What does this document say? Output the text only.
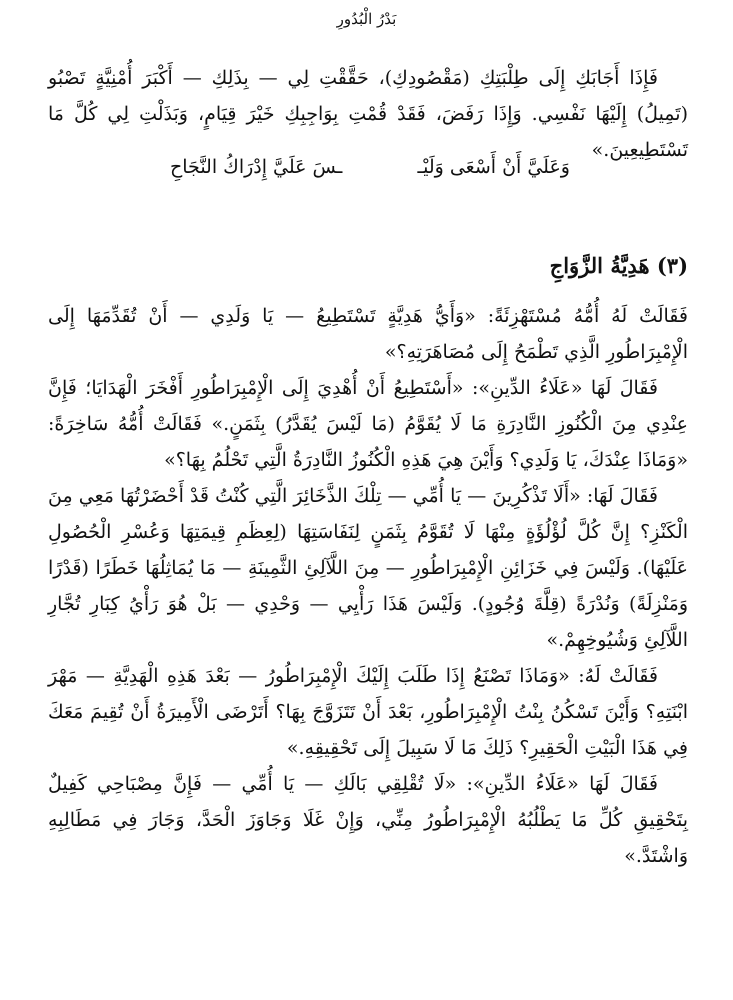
بَدْرُ الْبُدُورِ

فَإِذَا أَجَابَكِ إِلَى طِلْبَتِكِ (مَقْصُودِكِ)، حَقَّقْتِ لِي — بِذَلِكِ — أَكْبَرَ أُمْنِيَّةٍ تَصْبُو (تَمِيلُ) إِلَيْهَا نَفْسِي. وَإِذَا رَفَضَ، فَقَدْ قُمْتِ بِوَاجِبِكِ خَيْرَ قِيَامٍ، وَبَذَلْتِ لِي كُلَّ مَا تَسْتَطِيعِينَ.»

وَعَلَيَّ أَنْ أَسْعَى وَلَيْـ
ـسَ عَلَيَّ إِدْرَاكُ النَّجَاحِ
(٣) هَدِيَّةُ الزَّوَاجِ

فَقَالَتْ لَهُ أُمُّهُ مُسْتَهْزِئَةً: «وَأَيُّ هَدِيَّةٍ تَسْتَطِيعُ — يَا وَلَدِي — أَنْ تُقَدِّمَهَا إِلَى الْإِمْبِرَاطُورِ الَّذِي تَطْمَحُ إِلَى مُصَاهَرَتِهِ؟»

فَقَالَ لَهَا «عَلَاءُ الدِّينِ»: «أَسْتَطِيعُ أَنْ أُهْدِيَ إِلَى الْإِمْبِرَاطُورِ أَفْخَرَ الْهَدَايَا؛ فَإِنَّ عِنْدِي مِنَ الْكُنُوزِ النَّادِرَةِ مَا لَا يُقَوَّمُ (مَا لَيْسَ يُقَدَّرُ) بِثَمَنٍ.» فَقَالَتْ أُمُّهُ سَاخِرَةً: «وَمَاذَا عِنْدَكَ، يَا وَلَدِي؟ وَأَيْنَ هِيَ هَذِهِ الْكُنُوزُ النَّادِرَةُ الَّتِي تَحْلُمُ بِهَا؟»

فَقَالَ لَهَا: «أَلَا تَذْكُرِينَ — يَا أُمِّي — تِلْكَ الذَّخَائِرَ الَّتِي كُنْتُ قَدْ أَحْضَرْتُهَا مَعِي مِنَ الْكَنْزِ؟ إِنَّ كُلَّ لُؤْلُؤَةٍ مِنْهَا لَا تُقَوَّمُ بِثَمَنٍ لِنَفَاسَتِهَا (لِعِظَمِ قِيمَتِهَا وَعُسْرِ الْحُصُولِ عَلَيْهَا). وَلَيْسَ فِي خَزَائِنِ الْإِمْبِرَاطُورِ — مِنَ اللَّآلِئِ الثَّمِينَةِ — مَا يُمَاثِلُهَا خَطَرًا (قَدْرًا وَمَنْزِلَةً) وَنُدْرَةً (قِلَّةَ وُجُودٍ). وَلَيْسَ هَذَا رَأْيِي — وَحْدِي — بَلْ هُوَ رَأْيُ كِبَارِ تُجَّارِ اللَّآلِئِ وَشُيُوخِهِمْ.»

فَقَالَتْ لَهُ: «وَمَاذَا تَصْنَعُ إِذَا طَلَبَ إِلَيْكَ الْإِمْبِرَاطُورُ — بَعْدَ هَذِهِ الْهَدِيَّةِ — مَهْرَ ابْنَتِهِ؟ وَأَيْنَ تَسْكُنُ بِنْتُ الْإِمْبِرَاطُورِ، بَعْدَ أَنْ تَتَزَوَّجَ بِهَا؟ أَتَرْضَى الْأَمِيرَةُ أَنْ تُقِيمَ مَعَكَ فِي هَذَا الْبَيْتِ الْحَقِيرِ؟ ذَلِكَ مَا لَا سَبِيلَ إِلَى تَحْقِيقِهِ.»

فَقَالَ لَهَا «عَلَاءُ الدِّينِ»: «لَا تُقْلِقِي بَالَكِ — يَا أُمِّي — فَإِنَّ مِصْبَاحِي كَفِيلٌ بِتَحْقِيقِ كُلِّ مَا يَطْلُبُهُ الْإِمْبِرَاطُورُ مِنِّي، وَإِنْ غَلَا وَجَاوَزَ الْحَدَّ، وَجَارَ فِي مَطَالِبِهِ وَاشْتَدَّ.»
